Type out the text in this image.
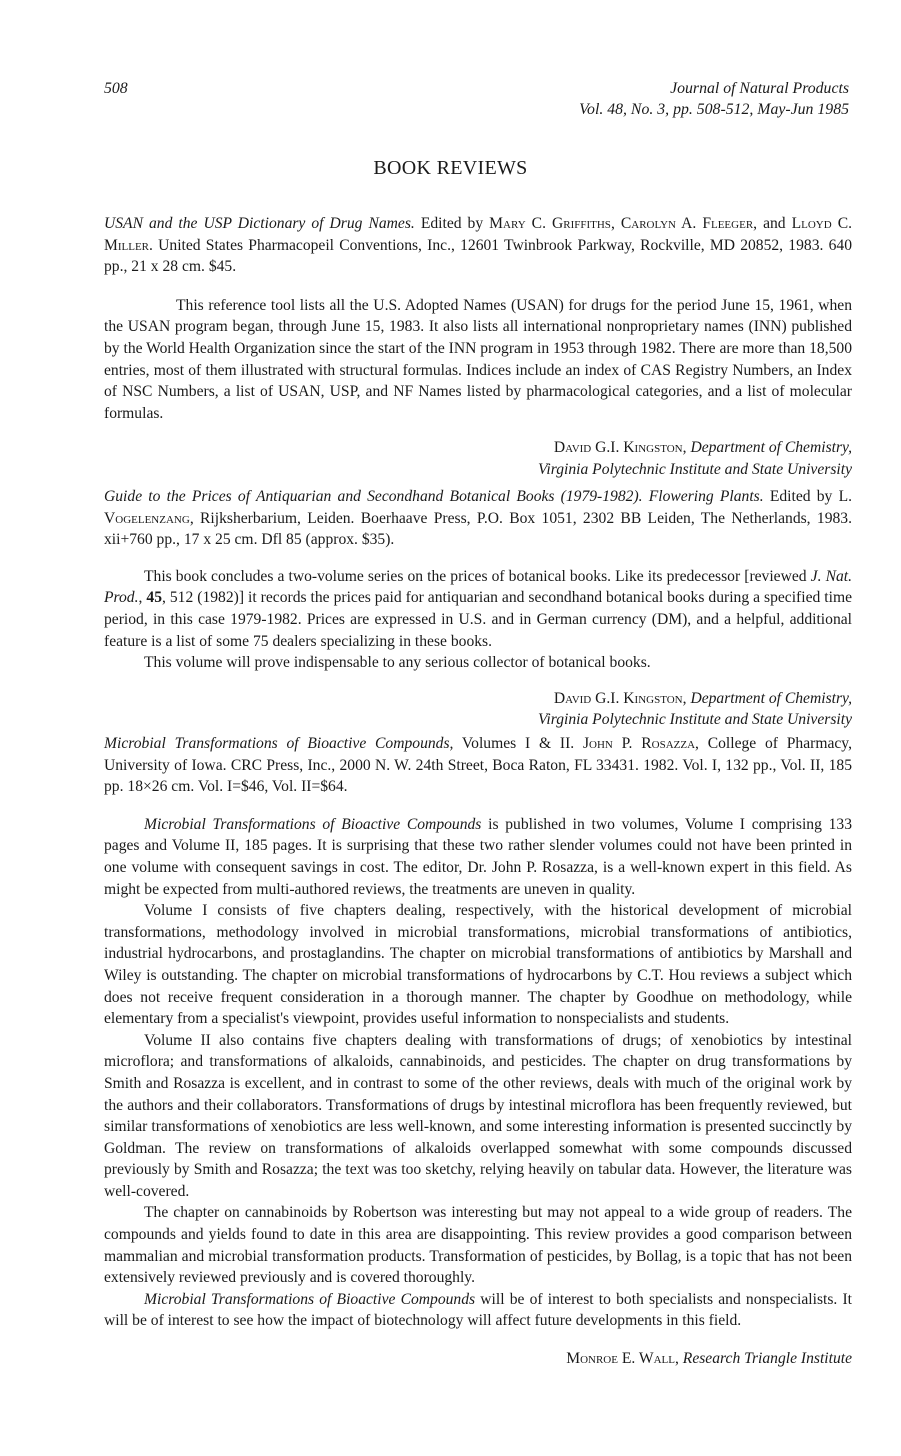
508	Journal of Natural Products
Vol. 48, No. 3, pp. 508-512, May-Jun 1985
BOOK REVIEWS

USAN and the USP Dictionary of Drug Names. Edited by Mary C. Griffiths, Carolyn A. Fleeger, and Lloyd C. Miller. United States Pharmacopeil Conventions, Inc., 12601 Twinbrook Parkway, Rockville, MD 20852, 1983. 640 pp., 21 x 28 cm. $45.

This reference tool lists all the U.S. Adopted Names (USAN) for drugs for the period June 15, 1961, when the USAN program began, through June 15, 1983. It also lists all international nonproprietary names (INN) published by the World Health Organization since the start of the INN program in 1953 through 1982. There are more than 18,500 entries, most of them illustrated with structural formulas. Indices include an index of CAS Registry Numbers, an Index of NSC Numbers, a list of USAN, USP, and NF Names listed by pharmacological categories, and a list of molecular formulas.

David G.I. Kingston, Department of Chemistry,
Virginia Polytechnic Institute and State University

Guide to the Prices of Antiquarian and Secondhand Botanical Books (1979-1982). Flowering Plants. Edited by L. Vogelenzang, Rijksherbarium, Leiden. Boerhaave Press, P.O. Box 1051, 2302 BB Leiden, The Netherlands, 1983. xii+760 pp., 17 x 25 cm. Dfl 85 (approx. $35).

This book concludes a two-volume series on the prices of botanical books. Like its predecessor [reviewed J. Nat. Prod., 45, 512 (1982)] it records the prices paid for antiquarian and secondhand botanical books during a specified time period, in this case 1979-1982. Prices are expressed in U.S. and in German currency (DM), and a helpful, additional feature is a list of some 75 dealers specializing in these books.

This volume will prove indispensable to any serious collector of botanical books.

David G.I. Kingston, Department of Chemistry,
Virginia Polytechnic Institute and State University

Microbial Transformations of Bioactive Compounds, Volumes I & II. John P. Rosazza, College of Pharmacy, University of Iowa. CRC Press, Inc., 2000 N. W. 24th Street, Boca Raton, FL 33431. 1982. Vol. I, 132 pp., Vol. II, 185 pp. 18×26 cm. Vol. I=$46, Vol. II=$64.

Microbial Transformations of Bioactive Compounds is published in two volumes, Volume I comprising 133 pages and Volume II, 185 pages. It is surprising that these two rather slender volumes could not have been printed in one volume with consequent savings in cost. The editor, Dr. John P. Rosazza, is a well-known expert in this field. As might be expected from multi-authored reviews, the treatments are uneven in quality.

Volume I consists of five chapters dealing, respectively, with the historical development of microbial transformations, methodology involved in microbial transformations, microbial transformations of antibiotics, industrial hydrocarbons, and prostaglandins. The chapter on microbial transformations of antibiotics by Marshall and Wiley is outstanding. The chapter on microbial transformations of hydrocarbons by C.T. Hou reviews a subject which does not receive frequent consideration in a thorough manner. The chapter by Goodhue on methodology, while elementary from a specialist's viewpoint, provides useful information to nonspecialists and students.

Volume II also contains five chapters dealing with transformations of drugs; of xenobiotics by intestinal microflora; and transformations of alkaloids, cannabinoids, and pesticides. The chapter on drug transformations by Smith and Rosazza is excellent, and in contrast to some of the other reviews, deals with much of the original work by the authors and their collaborators. Transformations of drugs by intestinal microflora has been frequently reviewed, but similar transformations of xenobiotics are less well-known, and some interesting information is presented succinctly by Goldman. The review on transformations of alkaloids overlapped somewhat with some compounds discussed previously by Smith and Rosazza; the text was too sketchy, relying heavily on tabular data. However, the literature was well-covered.

The chapter on cannabinoids by Robertson was interesting but may not appeal to a wide group of readers. The compounds and yields found to date in this area are disappointing. This review provides a good comparison between mammalian and microbial transformation products. Transformation of pesticides, by Bollag, is a topic that has not been extensively reviewed previously and is covered thoroughly.

Microbial Transformations of Bioactive Compounds will be of interest to both specialists and nonspecialists. It will be of interest to see how the impact of biotechnology will affect future developments in this field.

Monroe E. Wall, Research Triangle Institute
